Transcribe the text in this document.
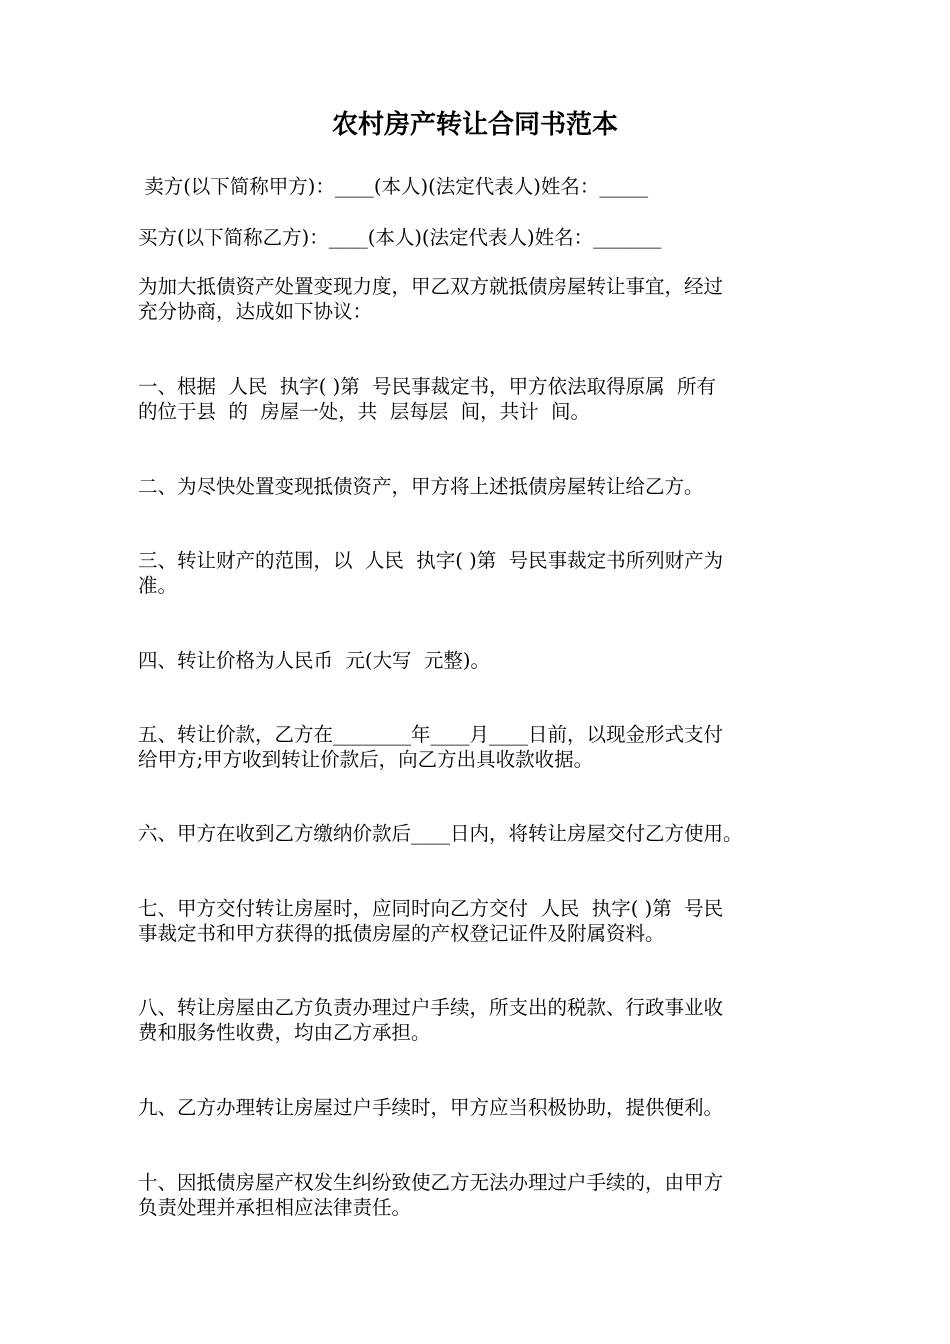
农村房产转让合同书范本
卖方(以下简称甲方)：____(本人)(法定代表人)姓名：_____
买方(以下简称乙方)：____(本人)(法定代表人)姓名：_______
为加大抵债资产处置变现力度，甲乙双方就抵债房屋转让事宜，经过
充分协商，达成如下协议：
一、根据  人民  执字( )第  号民事裁定书，甲方依法取得原属  所有
的位于县  的  房屋一处，共  层每层  间，共计  间。
二、为尽快处置变现抵债资产，甲方将上述抵债房屋转让给乙方。
三、转让财产的范围，以  人民  执字( )第  号民事裁定书所列财产为
准。
四、转让价格为人民币  元(大写  元整)。
五、转让价款，乙方在________年____月____日前，以现金形式支付
给甲方;甲方收到转让价款后，向乙方出具收款收据。
六、甲方在收到乙方缴纳价款后____日内，将转让房屋交付乙方使用。
七、甲方交付转让房屋时，应同时向乙方交付  人民  执字( )第  号民
事裁定书和甲方获得的抵债房屋的产权登记证件及附属资料。
八、转让房屋由乙方负责办理过户手续，所支出的税款、行政事业收
费和服务性收费，均由乙方承担。
九、乙方办理转让房屋过户手续时，甲方应当积极协助，提供便利。
十、因抵债房屋产权发生纠纷致使乙方无法办理过户手续的，由甲方
负责处理并承担相应法律责任。
